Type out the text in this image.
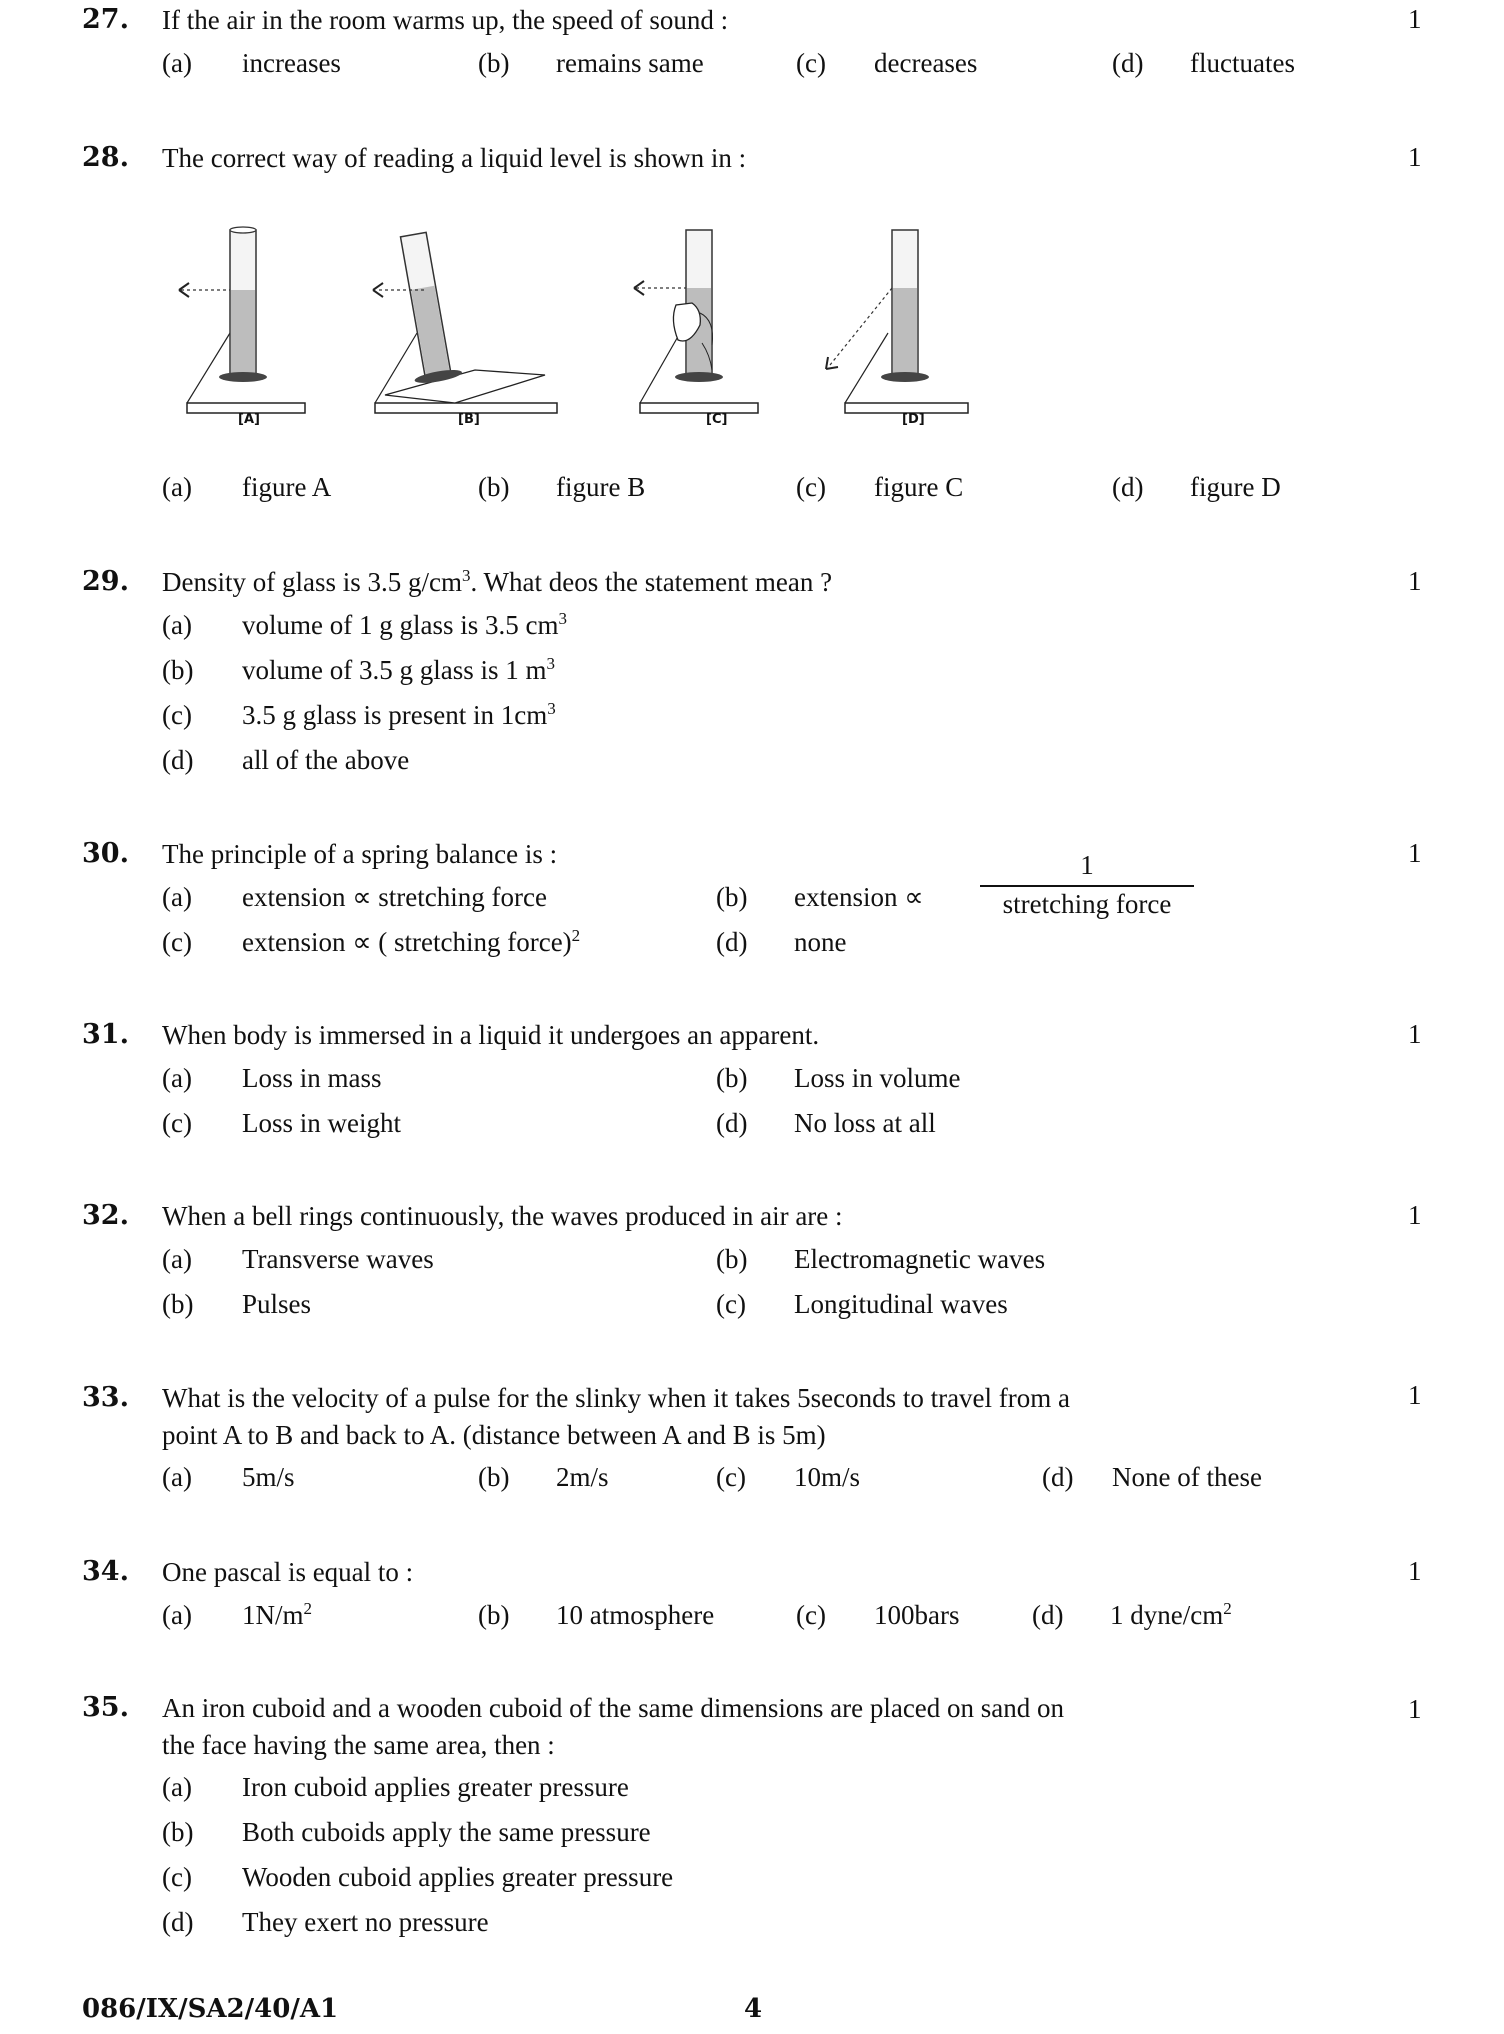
27. If the air in the room warms up, the speed of sound :	1
(a) increases	(b) remains same	(c) decreases	(d) fluctuates
28. The correct way of reading a liquid level is shown in :	1
[A]	[B]	[C]	[D]
(a) figure A	(b) figure B	(c) figure C	(d) figure D
29. Density of glass is 3.5 $g/cm^3$. What deos the statement mean ?	1
(a) volume of 1 g glass is 3.5 $cm^3$
(b) volume of 3.5 g glass is 1 $m^3$
(c) 3.5 g glass is present in $1cm^3$
(d) all of the above
30. The principle of a spring balance is :	1
(a) extension ∝ stretching force	(b) extension ∝
1
stretching force
(c) extension ∝ ( stretching force)$^2$	(d) none
31. When body is immersed in a liquid it undergoes an apparent.	1
(a) Loss in mass	(b) Loss in volume
(c) Loss in weight	(d) No loss at all
32. When a bell rings continuously, the waves produced in air are :	1
(a) Transverse waves	(b) Electromagnetic waves
(b) Pulses	(c) Longitudinal waves
33. What is the velocity of a pulse for the slinky when it takes 5seconds to travel from a
point A to B and back to A. (distance between A and B is 5m)
1
(a) 5m/s	(b) 2m/s	(c) 10m/s	(d) None of these
34. One pascal is equal to :	1
(a) $1N/m^2$	(b) 10 atmosphere	(c) 100bars	(d) 1 dyne/$cm^2$
35. An iron cuboid and a wooden cuboid of the same dimensions are placed on sand on
the face having the same area, then :
1
(a) Iron cuboid applies greater pressure
(b) Both cuboids apply the same pressure
(c) Wooden cuboid applies greater pressure
(d) They exert no pressure
086/IX/SA2/40/A1	4
